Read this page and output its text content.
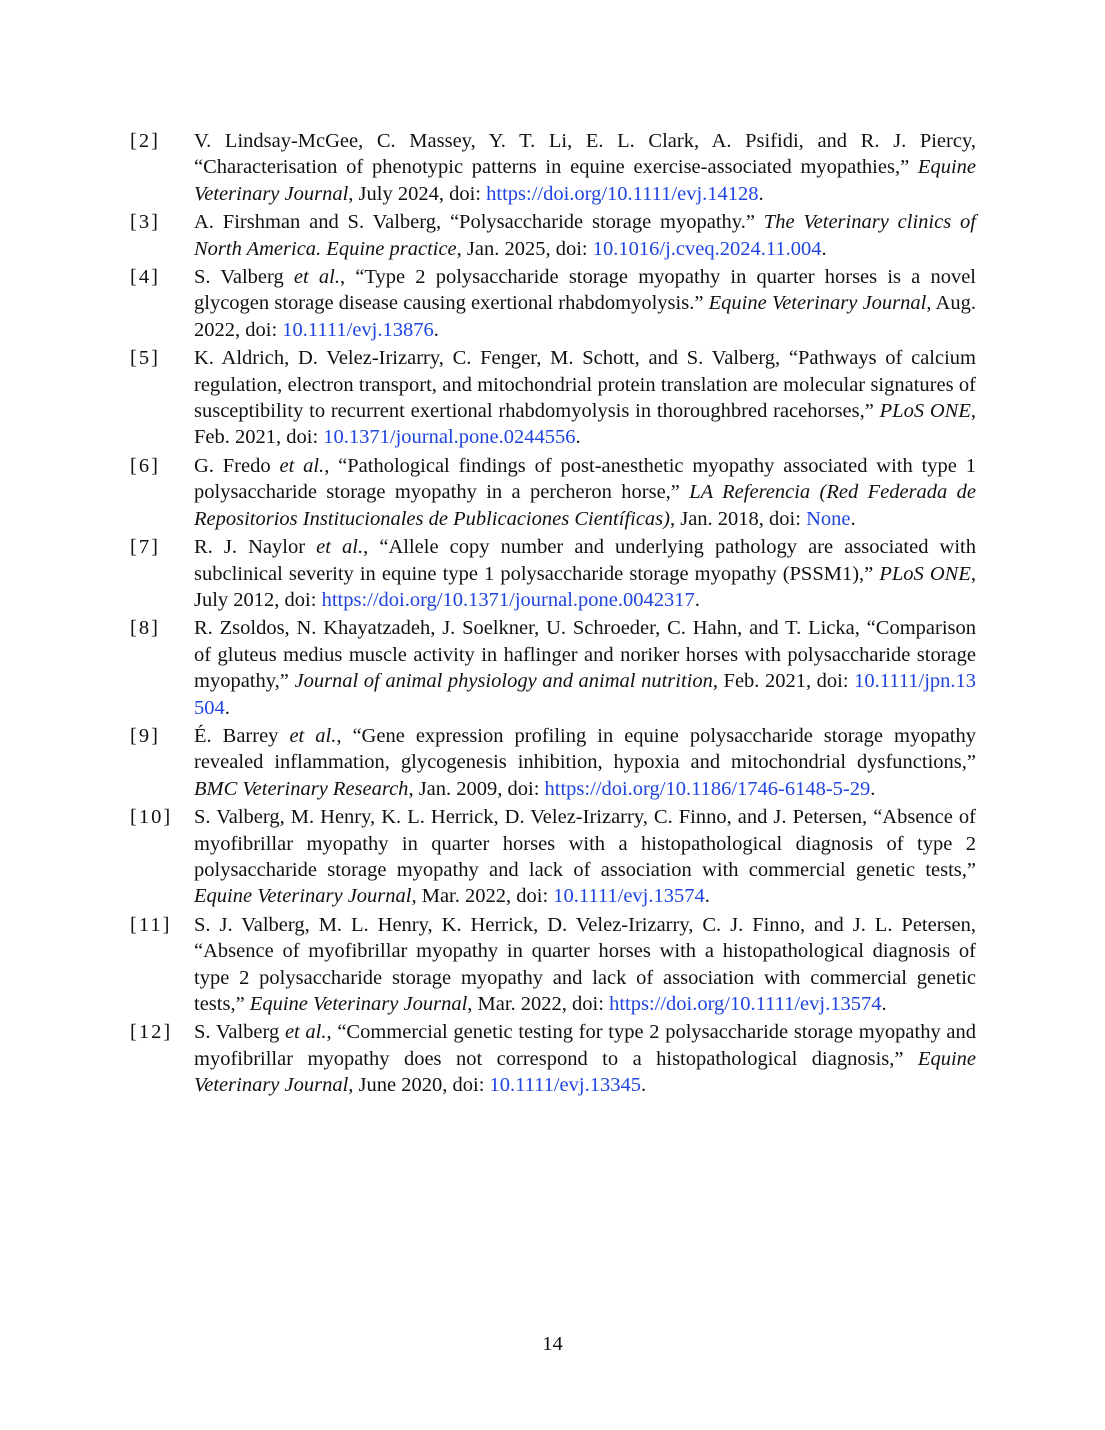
[2]	V. Lindsay-McGee, C. Massey, Y. T. Li, E. L. Clark, A. Psifidi, and R. J. Piercy, “Characterisation of phenotypic patterns in equine exercise-associated myopathies,” Equine Veterinary Journal, July 2024, doi: https://doi.org/10.1111/evj.14128.
[3]	A. Firshman and S. Valberg, “Polysaccharide storage myopathy.” The Veterinary clinics of North America. Equine practice, Jan. 2025, doi: 10.1016/j.cveq.2024.11.004.
[4]	S. Valberg et al., “Type 2 polysaccharide storage myopathy in quarter horses is a novel glycogen storage disease causing exertional rhabdomyolysis.” Equine Veterinary Journal, Aug. 2022, doi: 10.1111/evj.13876.
[5]	K. Aldrich, D. Velez-Irizarry, C. Fenger, M. Schott, and S. Valberg, “Pathways of calcium regulation, electron transport, and mitochondrial protein translation are molecular signatures of susceptibility to recurrent exertional rhabdomyolysis in thoroughbred racehorses,” PLoS ONE, Feb. 2021, doi: 10.1371/journal.pone.0244556.
[6]	G. Fredo et al., “Pathological findings of post-anesthetic myopathy associated with type 1 polysaccharide storage myopathy in a percheron horse,” LA Referencia (Red Federada de Repositorios Institucionales de Publicaciones Científicas), Jan. 2018, doi: None.
[7]	R. J. Naylor et al., “Allele copy number and underlying pathology are associated with subclinical severity in equine type 1 polysaccharide storage myopathy (PSSM1),” PLoS ONE, July 2012, doi: https://doi.org/10.1371/journal.pone.0042317.
[8]	R. Zsoldos, N. Khayatzadeh, J. Soelkner, U. Schroeder, C. Hahn, and T. Licka, “Comparison of gluteus medius muscle activity in haflinger and noriker horses with polysaccharide storage myopathy,” Journal of animal physiology and animal nutrition, Feb. 2021, doi: 10.1111/jpn.13504.
[9]	É. Barrey et al., “Gene expression profiling in equine polysaccharide storage myopathy revealed inflammation, glycogenesis inhibition, hypoxia and mitochondrial dysfunctions,” BMC Veterinary Research, Jan. 2009, doi: https://doi.org/10.1186/1746-6148-5-29.
[10]	S. Valberg, M. Henry, K. L. Herrick, D. Velez-Irizarry, C. Finno, and J. Petersen, “Absence of myofibrillar myopathy in quarter horses with a histopathological diagnosis of type 2 polysaccharide storage myopathy and lack of association with commercial genetic tests,” Equine Veterinary Journal, Mar. 2022, doi: 10.1111/evj.13574.
[11]	S. J. Valberg, M. L. Henry, K. Herrick, D. Velez-Irizarry, C. J. Finno, and J. L. Petersen, “Absence of myofibrillar myopathy in quarter horses with a histopathological diagnosis of type 2 polysaccharide storage myopathy and lack of association with commercial genetic tests,” Equine Veterinary Journal, Mar. 2022, doi: https://doi.org/10.1111/evj.13574.
[12]	S. Valberg et al., “Commercial genetic testing for type 2 polysaccharide storage myopathy and myofibrillar myopathy does not correspond to a histopathological diagnosis,” Equine Veterinary Journal, June 2020, doi: 10.1111/evj.13345.
14
